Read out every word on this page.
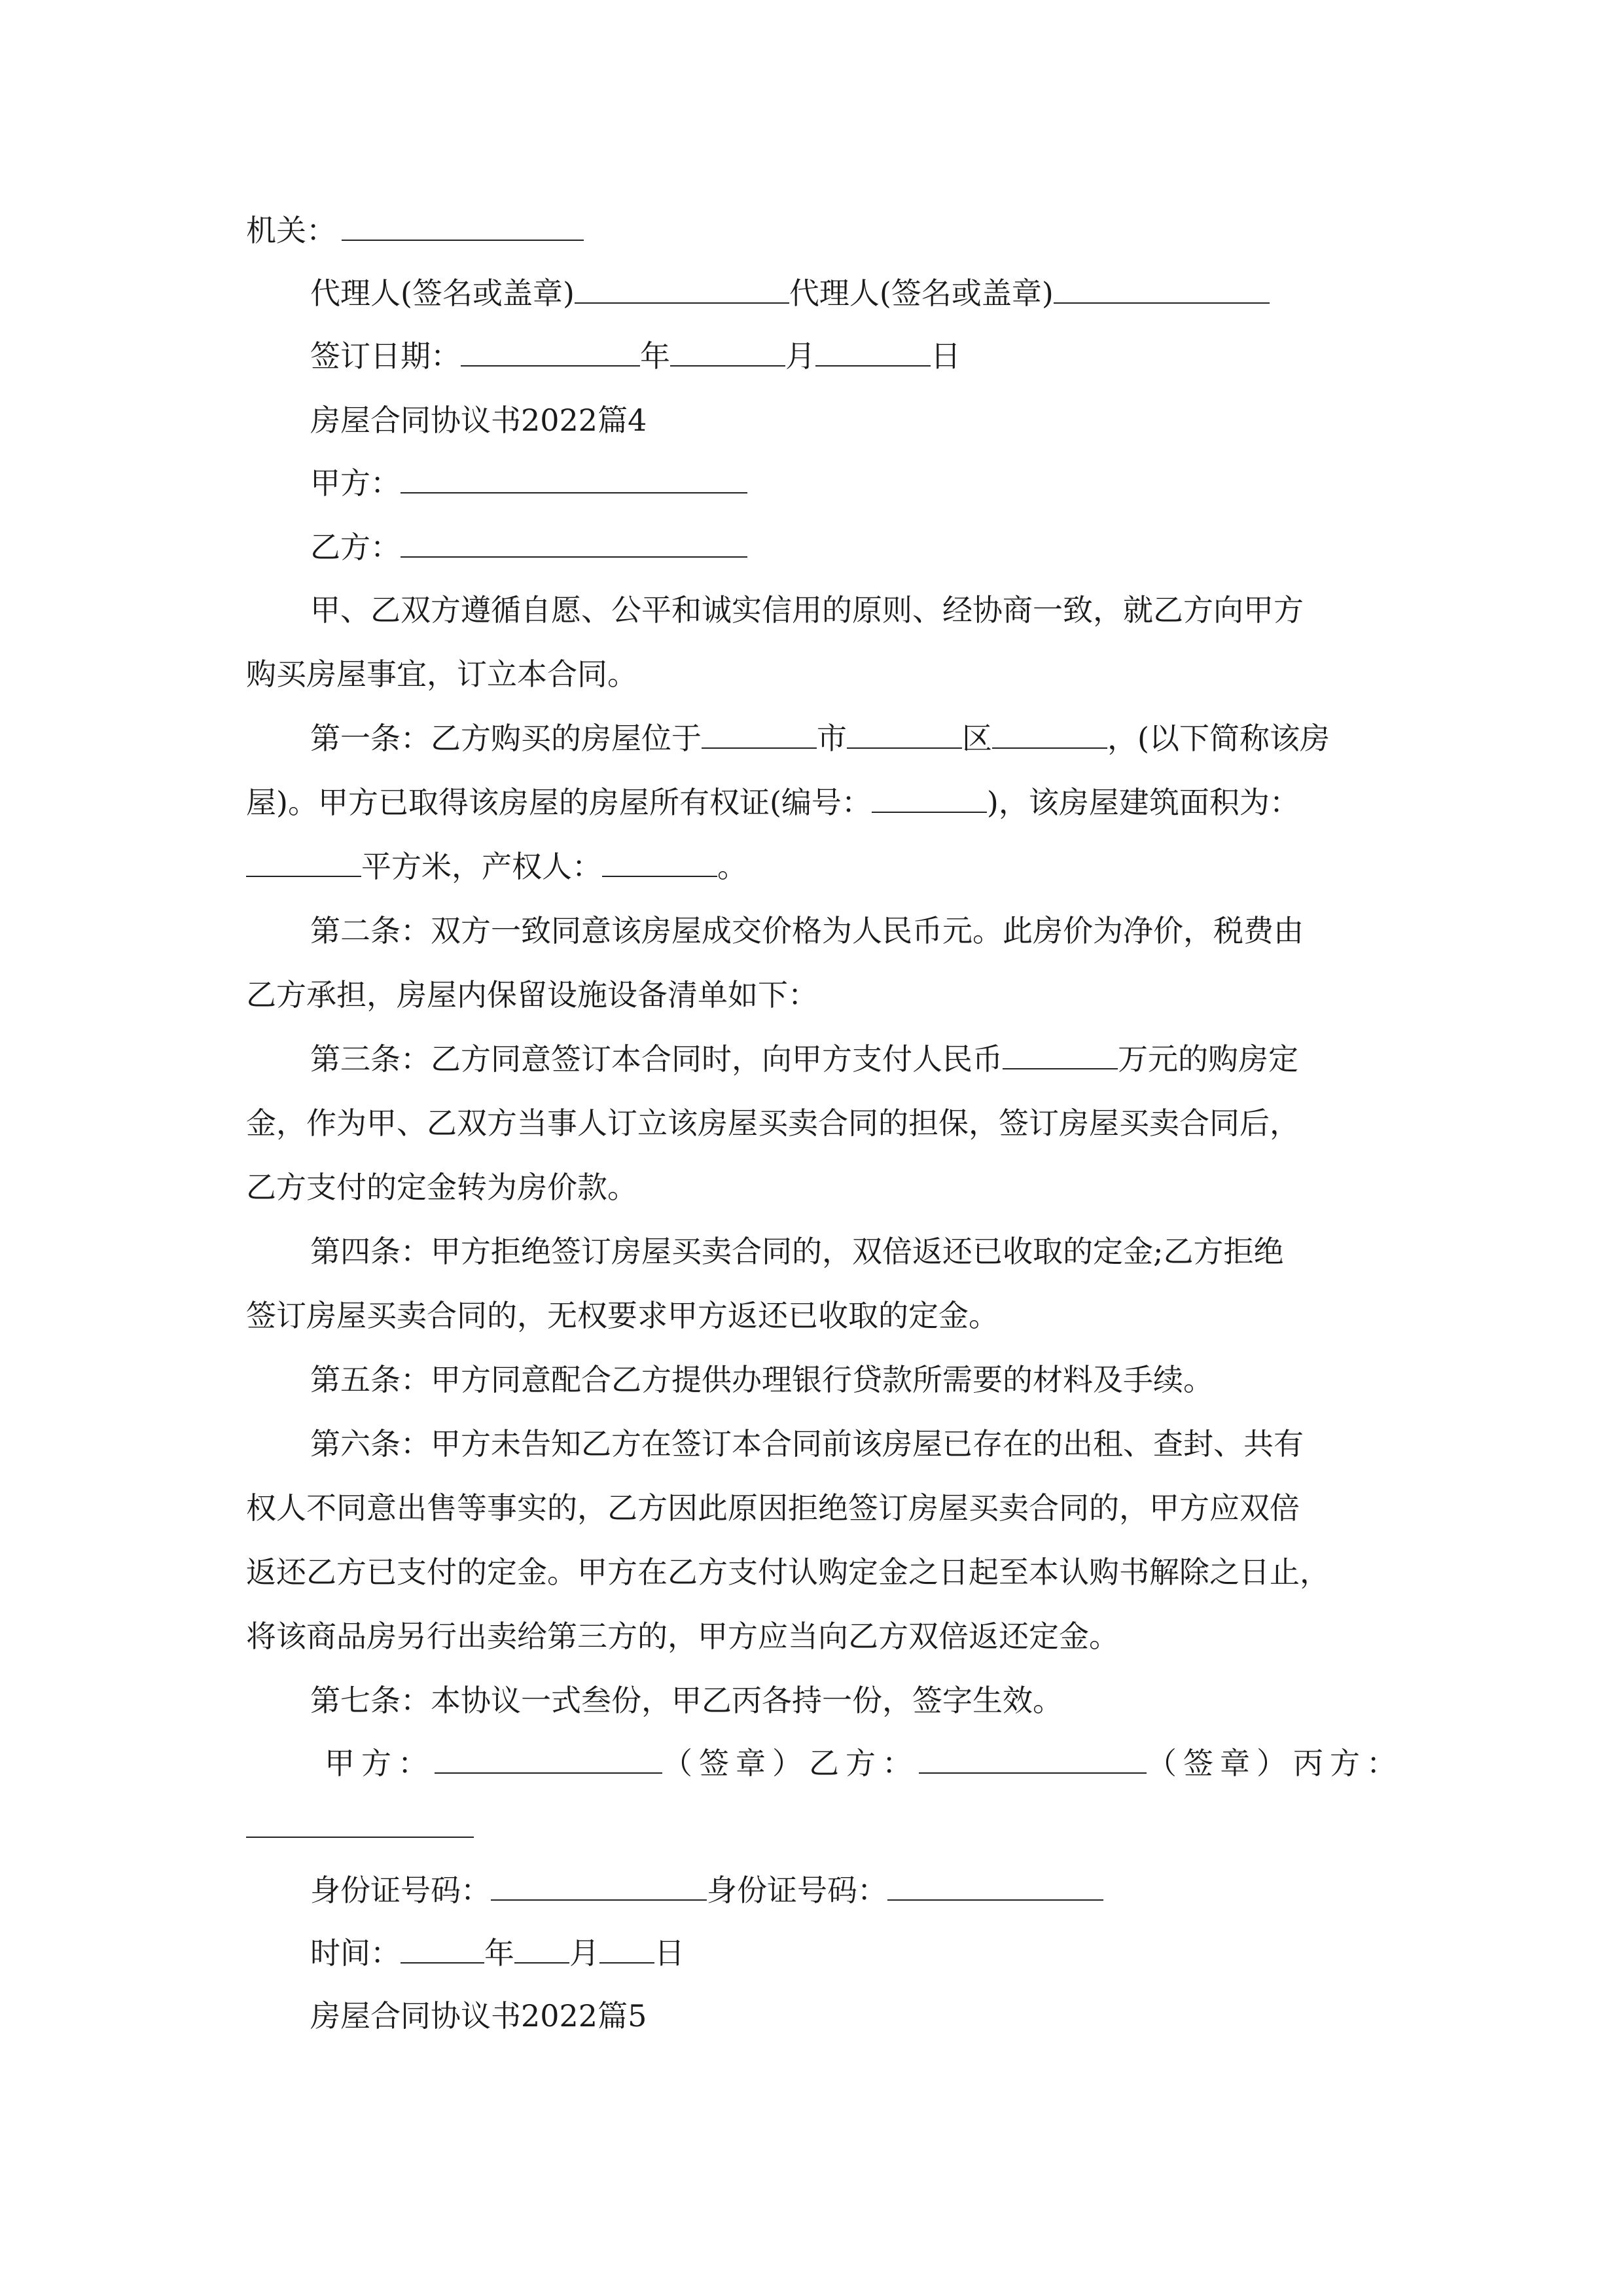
机关：
代理人(签名或盖章)	代理人(签名或盖章)
签订日期：	年	月	日
房屋合同协议书2022篇4
甲方：
乙方：
甲、乙双方遵循自愿、公平和诚实信用的原则、经协商一致，就乙方向甲方
购买房屋事宜，订立本合同。
第一条：乙方购买的房屋位于	市	区	，(以下简称该房
屋)。甲方已取得该房屋的房屋所有权证(编号：	)，该房屋建筑面积为：
平方米，产权人：	。
第二条：双方一致同意该房屋成交价格为人民币元。此房价为净价，税费由
乙方承担，房屋内保留设施设备清单如下：
第三条：乙方同意签订本合同时，向甲方支付人民币	万元的购房定
金，作为甲、乙双方当事人订立该房屋买卖合同的担保，签订房屋买卖合同后，
乙方支付的定金转为房价款。
第四条：甲方拒绝签订房屋买卖合同的，双倍返还已收取的定金;乙方拒绝
签订房屋买卖合同的，无权要求甲方返还已收取的定金。
第五条：甲方同意配合乙方提供办理银行贷款所需要的材料及手续。
第六条：甲方未告知乙方在签订本合同前该房屋已存在的出租、查封、共有
权人不同意出售等事实的，乙方因此原因拒绝签订房屋买卖合同的，甲方应双倍
返还乙方已支付的定金。甲方在乙方支付认购定金之日起至本认购书解除之日止，
将该商品房另行出卖给第三方的，甲方应当向乙方双倍返还定金。
第七条：本协议一式叁份，甲乙丙各持一份，签字生效。
甲方：	（签章）乙方：	（签章）丙方：
身份证号码：	身份证号码：
时间：	年 月 日
房屋合同协议书2022篇5
